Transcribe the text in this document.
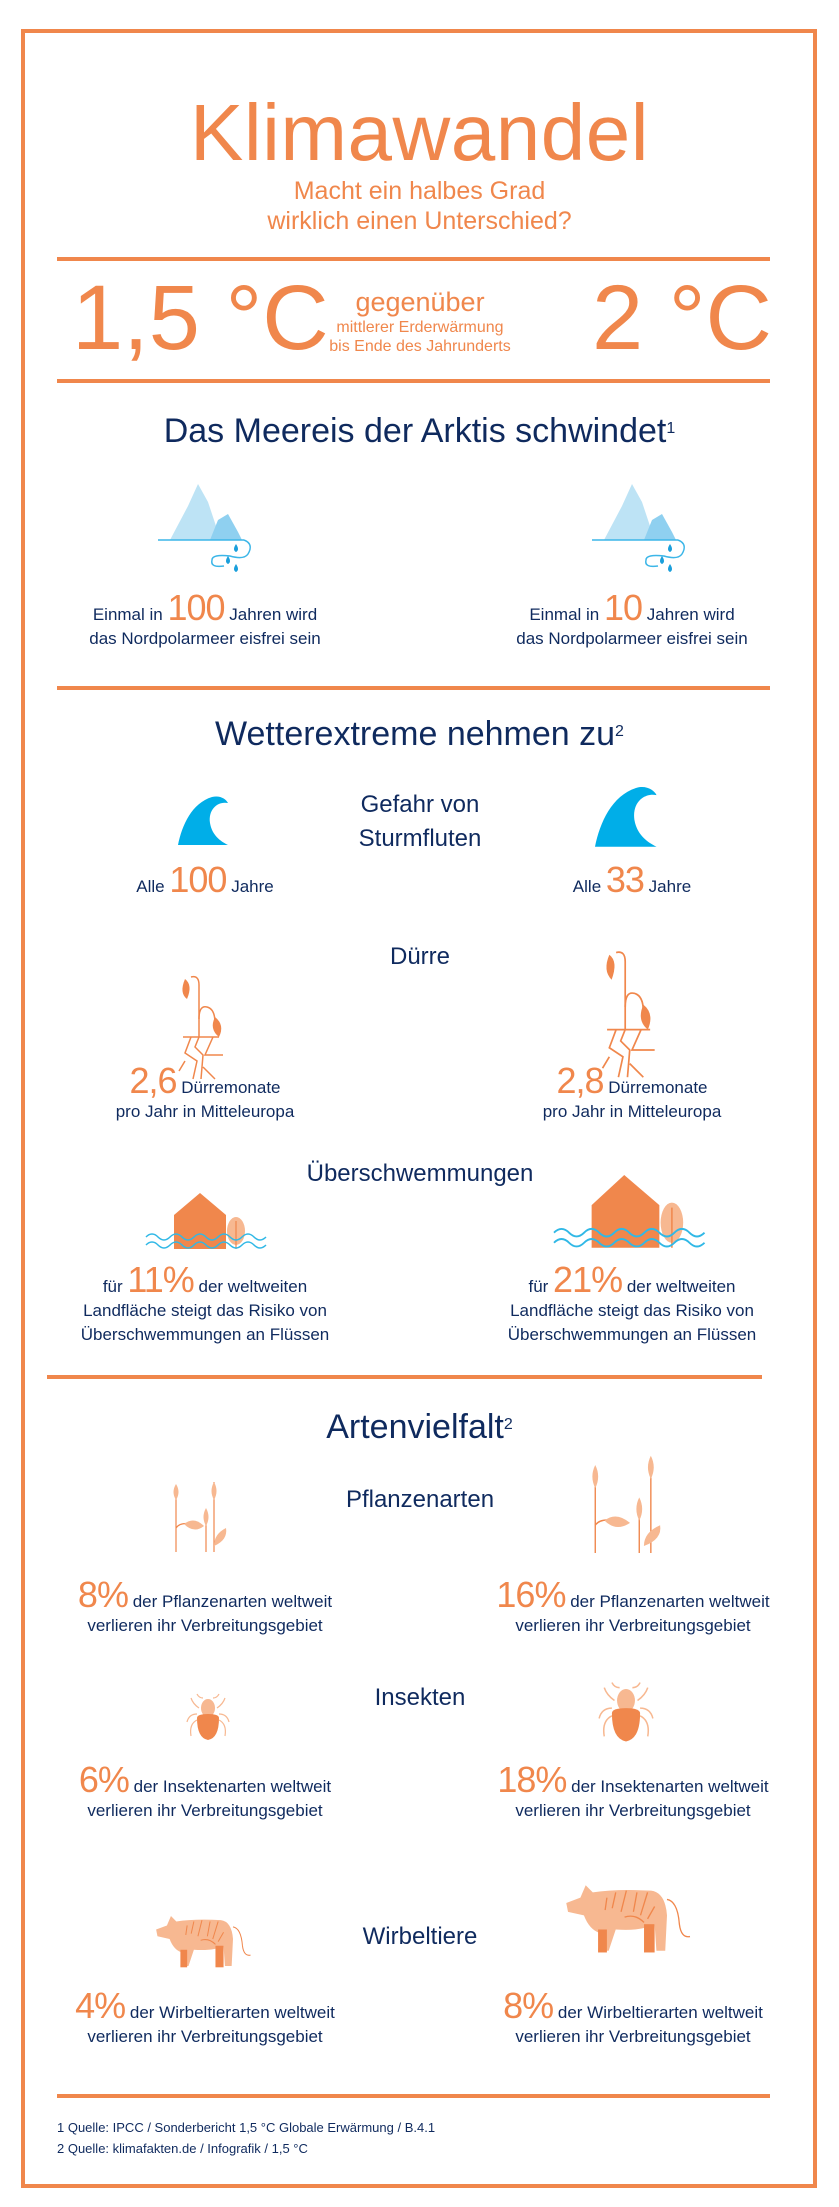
Klimawandel
Macht ein halbes Grad
wirklich einen Unterschied?
1,5 °C gegenüber
mittlerer Erderwärmung
bis Ende des Jahrunderts 2 °C
Das Meereis der Arktis schwindet$^1$
Einmal in 100 Jahren wird
das Nordpolarmeer eisfrei sein
Einmal in 10 Jahren wird
das Nordpolarmeer eisfrei sein
Wetterextreme nehmen $zu^2$
Gefahr von
Sturmfluten
Alle 100 Jahre	Alle 33 Jahre
Dürre
2,6 Dürremonate
pro Jahr in Mitteleuropa
2,8 Dürremonate
pro Jahr in Mitteleuropa
Überschwemmungen
für 11% der weltweiten
Landfläche steigt das Risiko von
Überschwemmungen an Flüssen
für 21% der weltweiten
Landfläche steigt das Risiko von
Überschwemmungen an Flüssen
Artenvielfalt$^2$
Pflanzenarten
8% der Pflanzenarten weltweit
verlieren ihr Verbreitungsgebiet
16% der Pflanzenarten weltweit
verlieren ihr Verbreitungsgebiet
Insekten
6% der Insektenarten weltweit
verlieren ihr Verbreitungsgebiet
18% der Insektenarten weltweit
verlieren ihr Verbreitungsgebiet
Wirbeltiere
4% der Wirbeltierarten weltweit
verlieren ihr Verbreitungsgebiet
8% der Wirbeltierarten weltweit
verlieren ihr Verbreitungsgebiet
1 Quelle: IPCC / Sonderbericht 1,5 °C Globale Erwärmung / B.4.1
2 Quelle: klimafakten.de / Infografik / 1,5 °C
